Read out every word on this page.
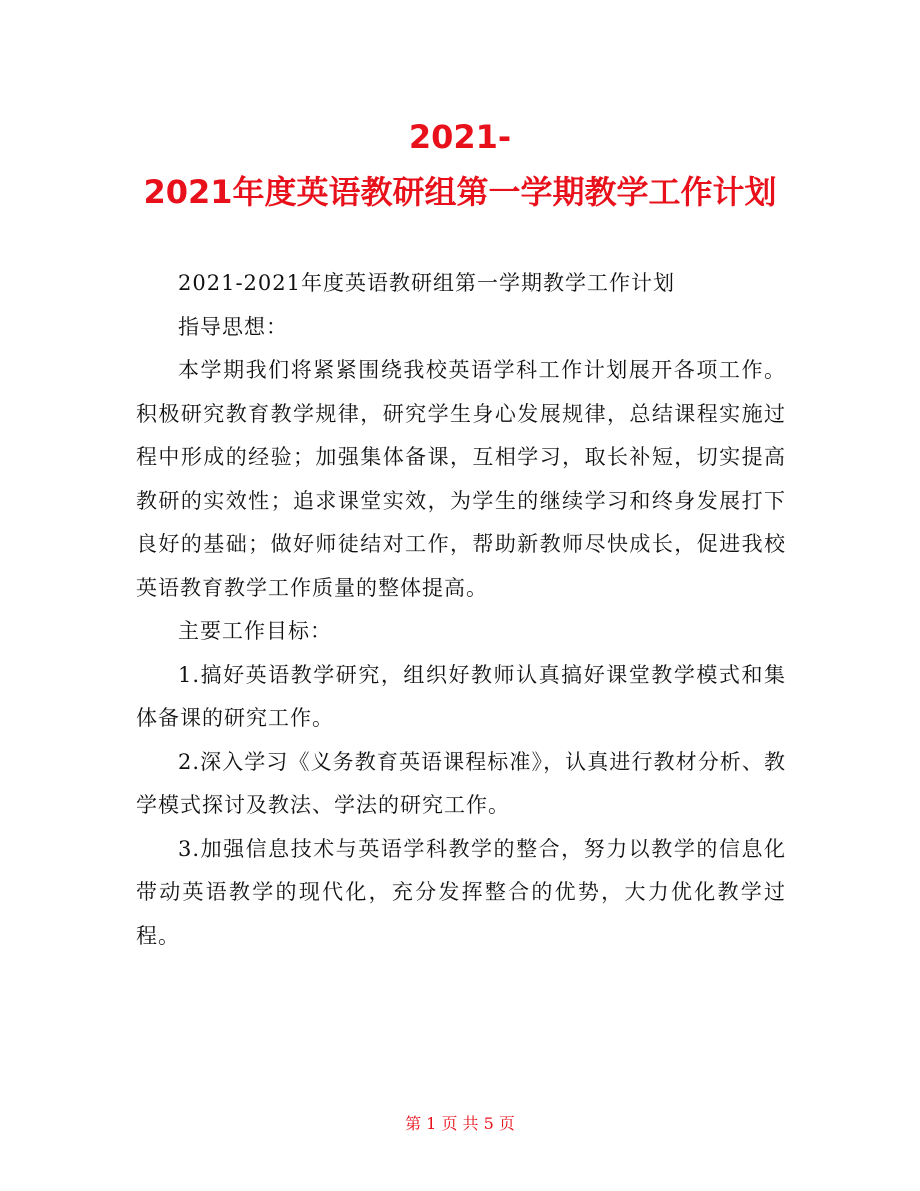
2021-
2021年度英语教研组第一学期教学工作计划

2021-2021年度英语教研组第一学期教学工作计划

指导思想：

本学期我们将紧紧围绕我校英语学科工作计划展开各项工作。积极研究教育教学规律，研究学生身心发展规律，总结课程实施过程中形成的经验；加强集体备课，互相学习，取长补短，切实提高教研的实效性；追求课堂实效，为学生的继续学习和终身发展打下良好的基础；做好师徒结对工作，帮助新教师尽快成长，促进我校英语教育教学工作质量的整体提高。

主要工作目标：

1.搞好英语教学研究，组织好教师认真搞好课堂教学模式和集体备课的研究工作。

2.深入学习《义务教育英语课程标准》，认真进行教材分析、教学模式探讨及教法、学法的研究工作。

3.加强信息技术与英语学科教学的整合，努力以教学的信息化带动英语教学的现代化，充分发挥整合的优势，大力优化教学过程。

第 1 页 共 5 页
